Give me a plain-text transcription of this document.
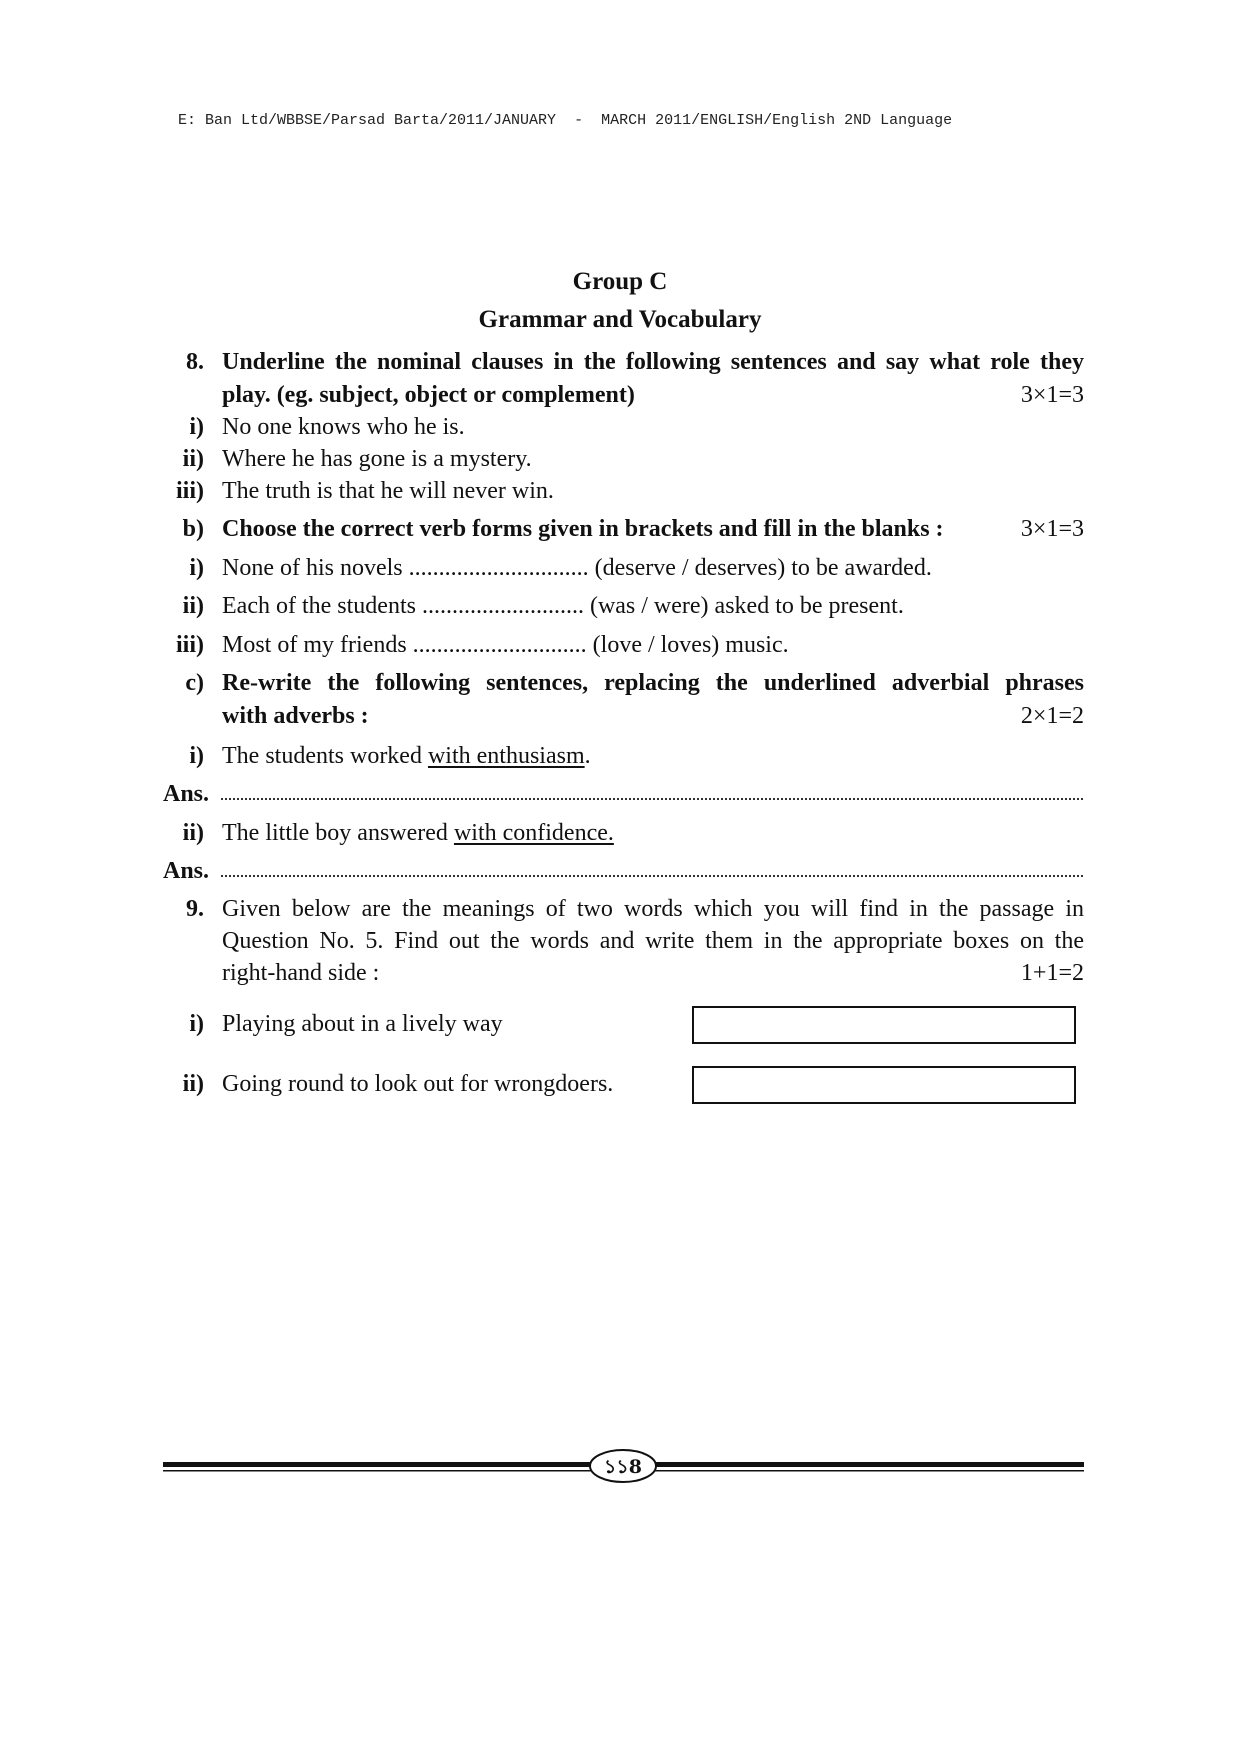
E: Ban Ltd/WBBSE/Parsad Barta/2011/JANUARY  -  MARCH 2011/ENGLISH/English 2ND Language
Group C
Grammar and Vocabulary
8. Underline the nominal clauses in the following sentences and say what role they
play. (eg. subject, object or complement)	3×1=3
i) No one knows who he is.
ii) Where he has gone is a mystery.
iii) The truth is that he will never win.
b) Choose the correct verb forms given in brackets and fill in the blanks :	3×1=3
i) None of his novels .............................. (deserve / deserves) to be awarded.
ii) Each of the students ........................... (was / were) asked to be present.
iii) Most of my friends ............................. (love / loves) music.
c) Re-write the following sentences, replacing the underlined adverbial phrases
with adverbs :	2×1=2
i) The students worked with enthusiasm.
Ans.
ii) The little boy answered with confidence.
Ans.
9. Given below are the meanings of two words which you will find in the passage in
Question No. 5. Find out the words and write them in the appropriate boxes on the
right-hand side :	1+1=2
i) Playing about in a lively way
ii) Going round to look out for wrongdoers.
১১8
